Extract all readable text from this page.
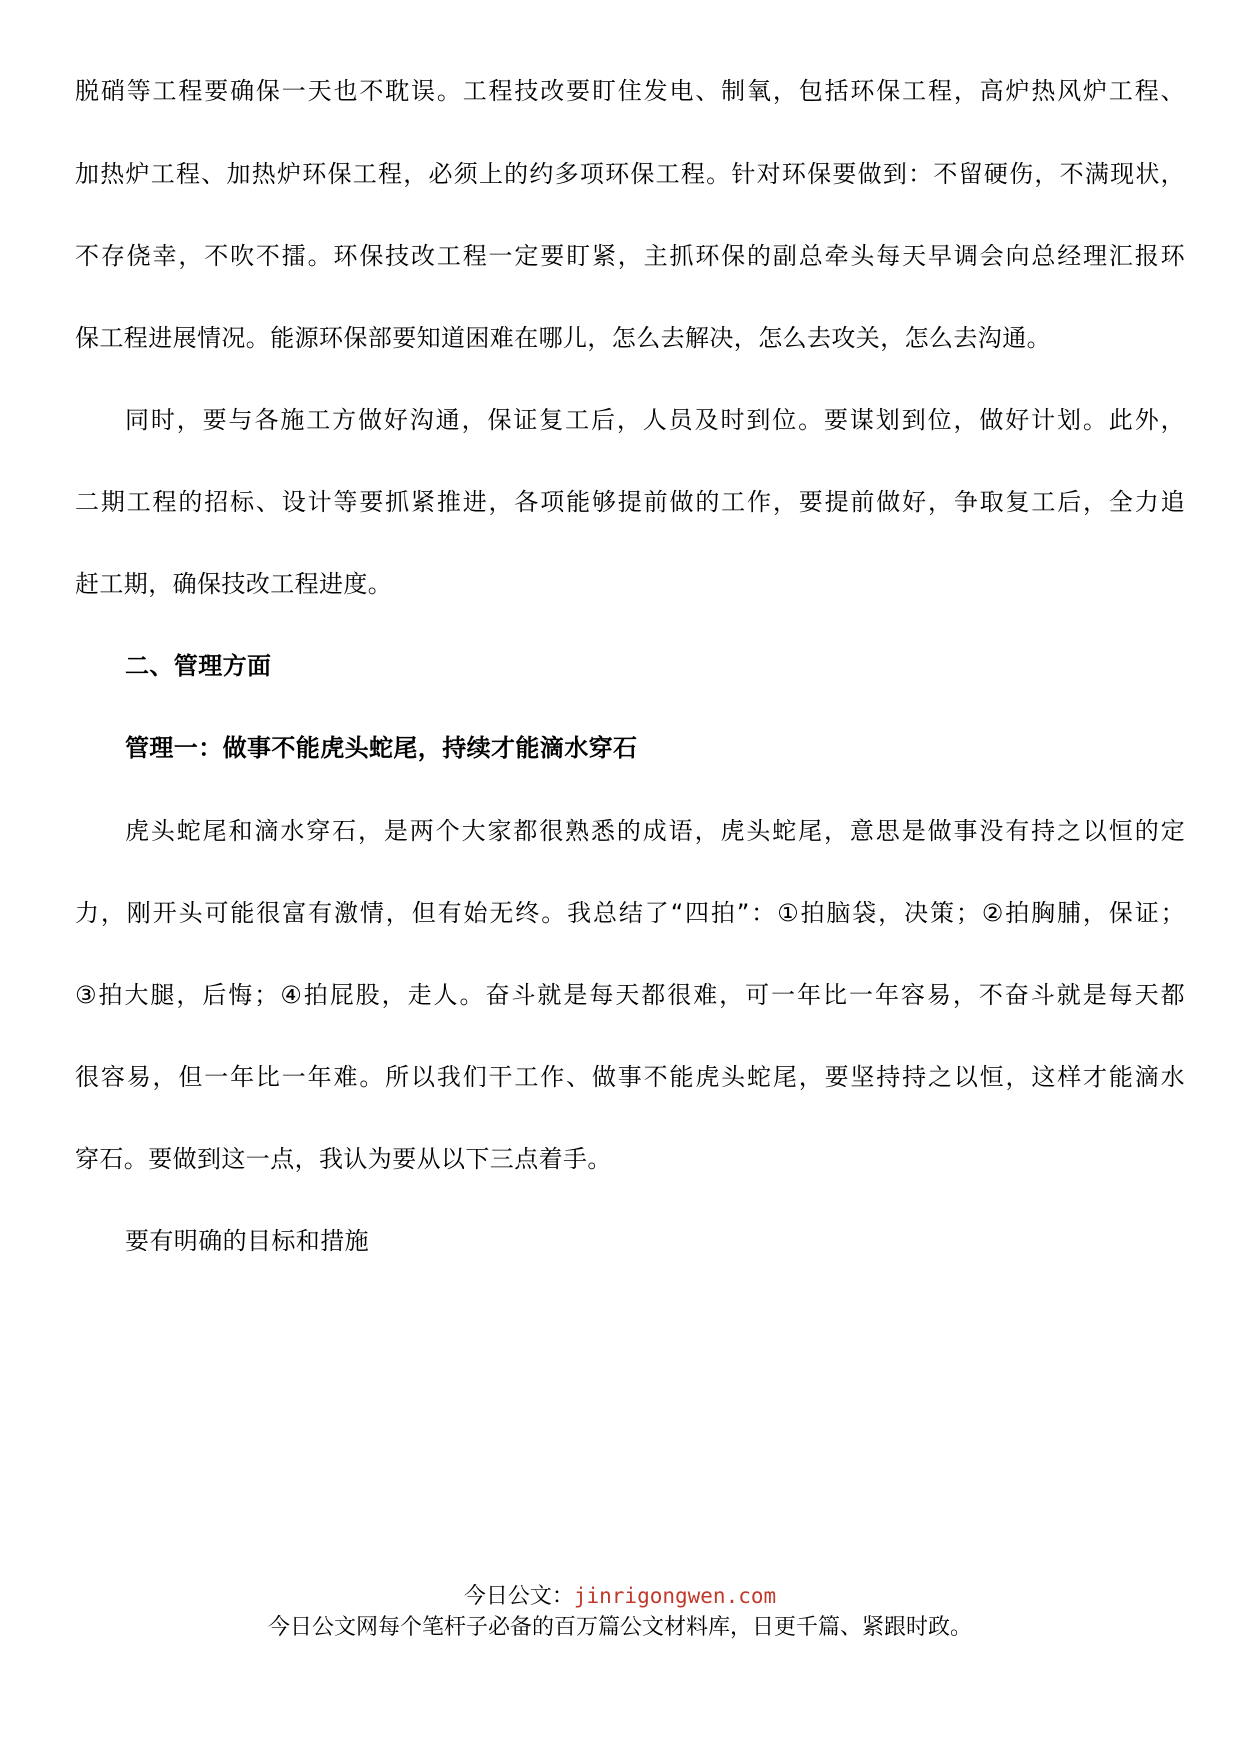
脱硝等工程要确保一天也不耽误。工程技改要盯住发电、制氧，包括环保工程，高炉热风炉工程、
加热炉工程、加热炉环保工程，必须上的约多项环保工程。针对环保要做到：不留硬伤，不满现状，
不存侥幸，不吹不擂。环保技改工程一定要盯紧，主抓环保的副总牵头每天早调会向总经理汇报环
保工程进展情况。能源环保部要知道困难在哪儿，怎么去解决，怎么去攻关，怎么去沟通。
同时，要与各施工方做好沟通，保证复工后，人员及时到位。要谋划到位，做好计划。此外，
二期工程的招标、设计等要抓紧推进，各项能够提前做的工作，要提前做好，争取复工后，全力追
赶工期，确保技改工程进度。
二、管理方面
管理一：做事不能虎头蛇尾，持续才能滴水穿石
虎头蛇尾和滴水穿石，是两个大家都很熟悉的成语，虎头蛇尾，意思是做事没有持之以恒的定
力，刚开头可能很富有激情，但有始无终。我总结了“四拍”：①拍脑袋，决策；②拍胸脯，保证；
③拍大腿，后悔；④拍屁股，走人。奋斗就是每天都很难，可一年比一年容易，不奋斗就是每天都
很容易，但一年比一年难。所以我们干工作、做事不能虎头蛇尾，要坚持持之以恒，这样才能滴水
穿石。要做到这一点，我认为要从以下三点着手。
要有明确的目标和措施
今日公文：jinrigongwen.com
今日公文网每个笔杆子必备的百万篇公文材料库，日更千篇、紧跟时政。
